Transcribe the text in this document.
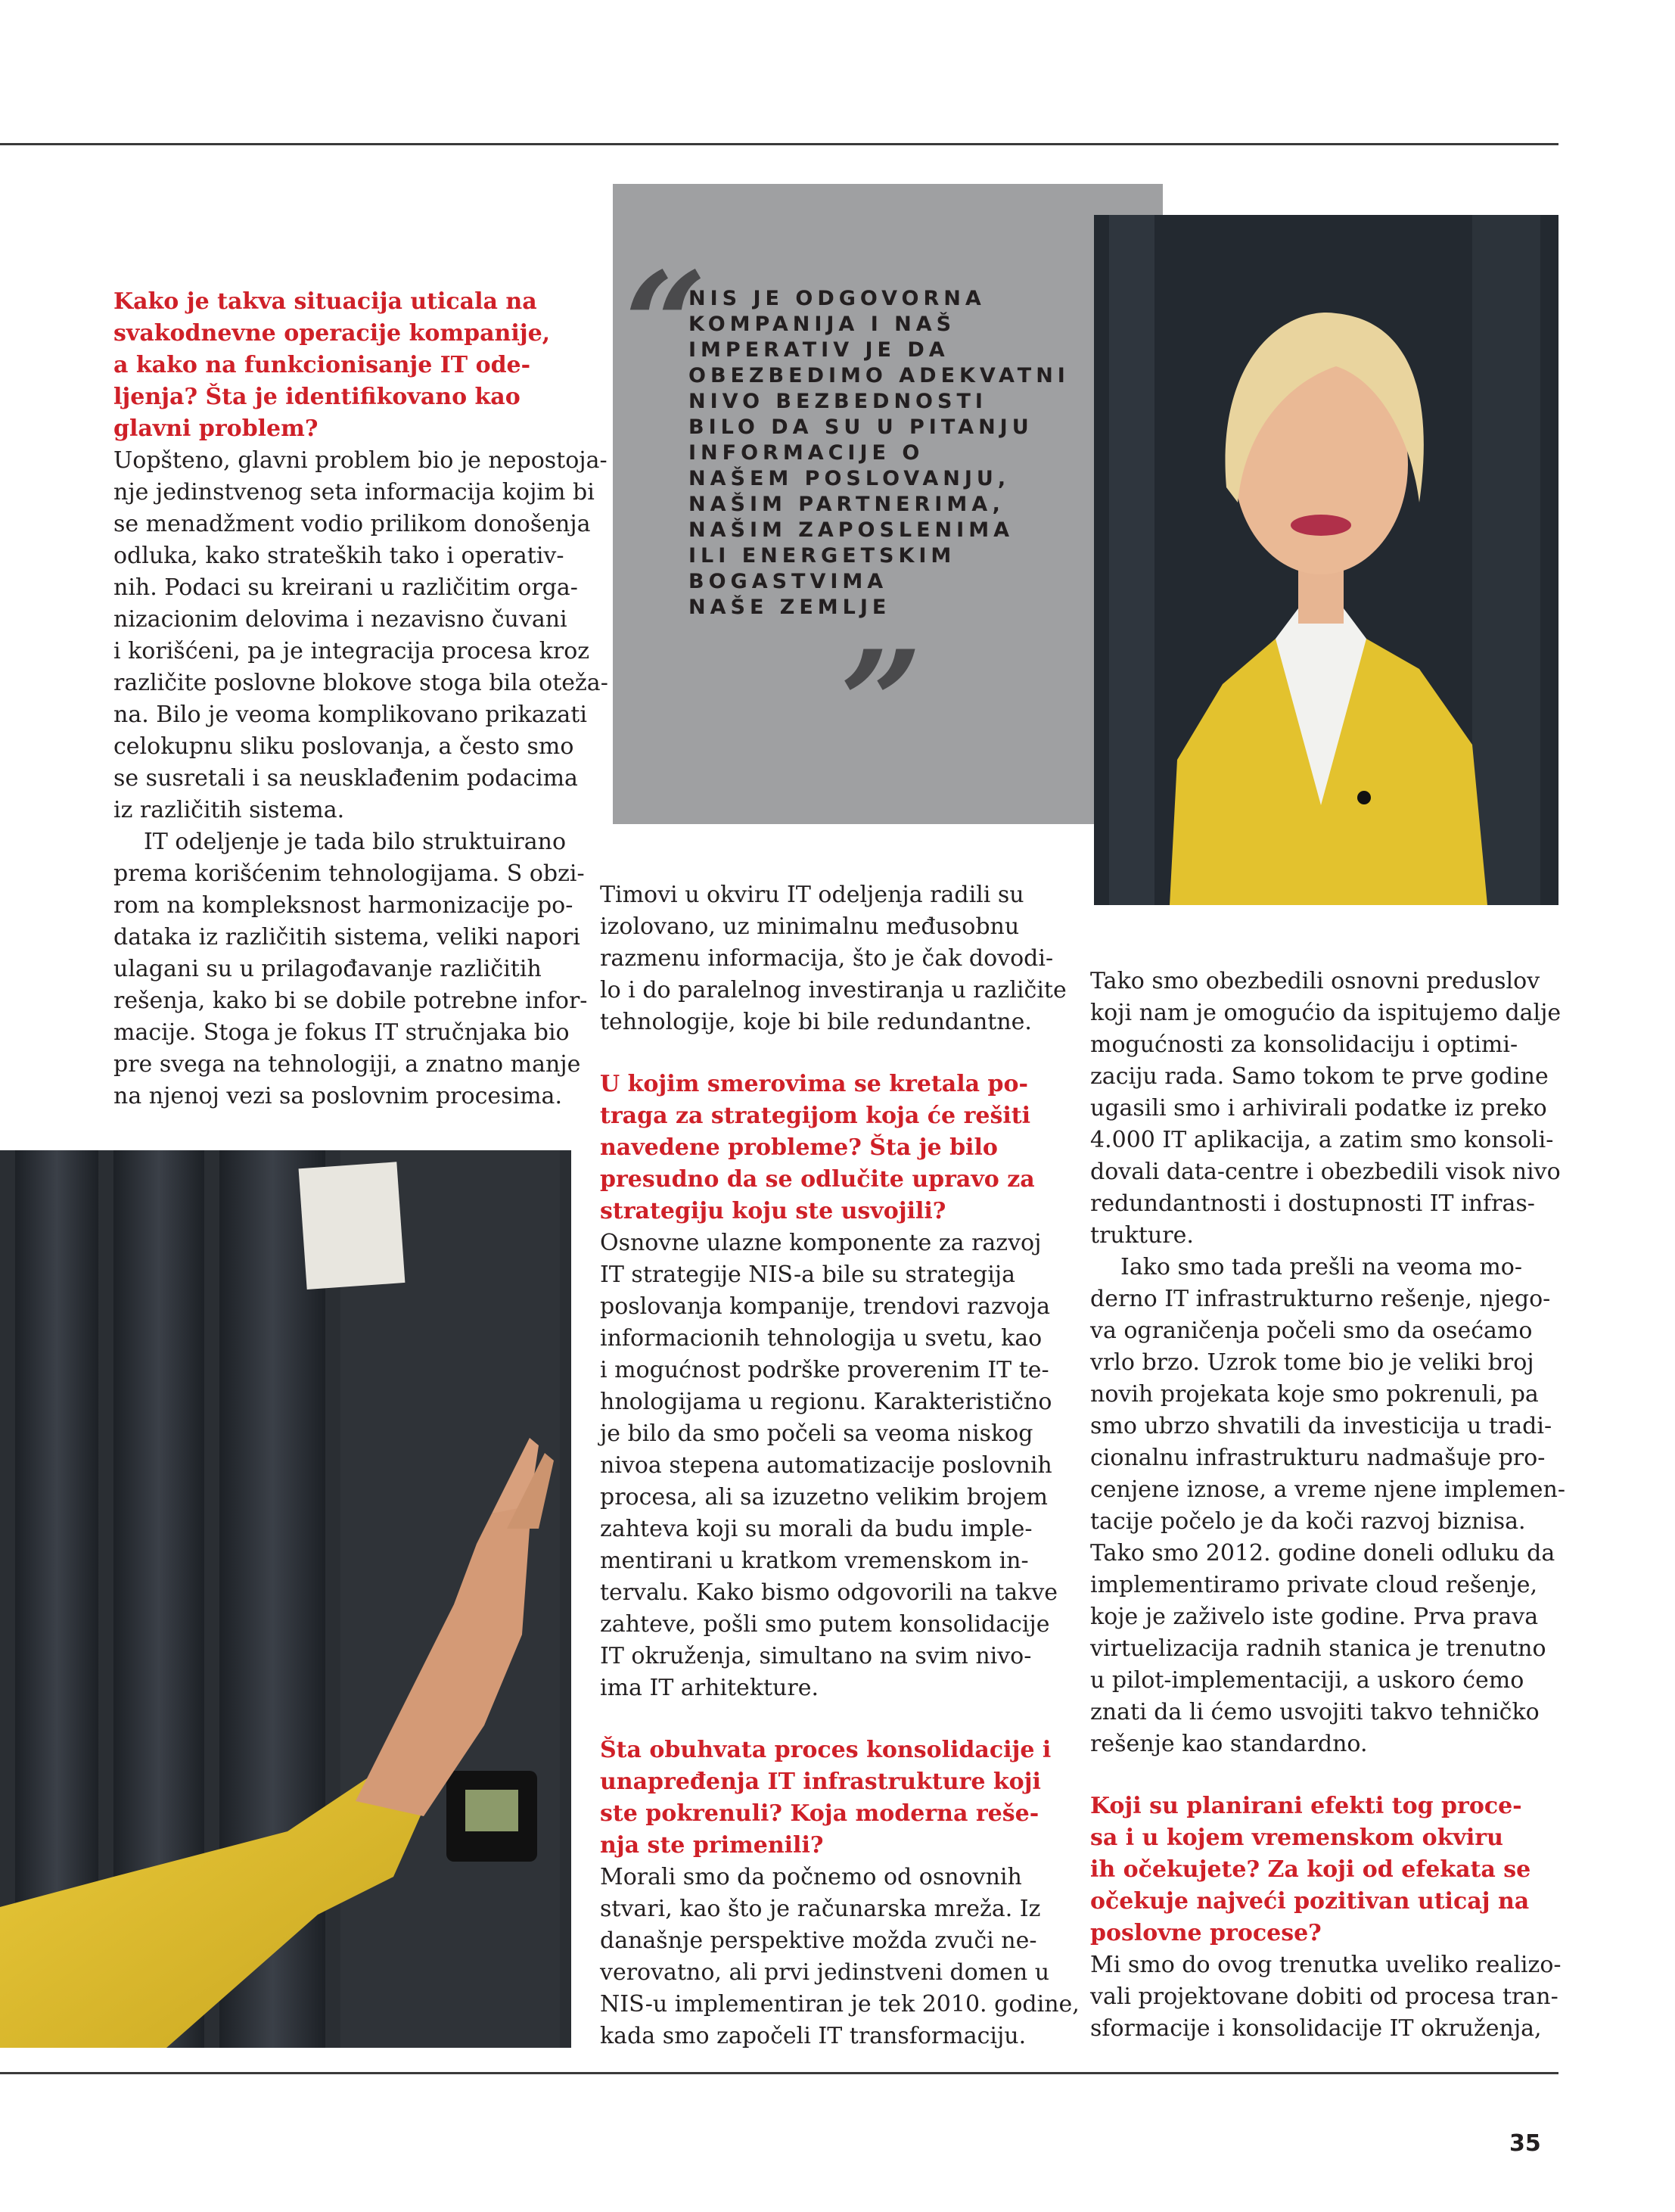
Kako je takva situacija uticala na
svakodnevne operacije kompanije,
a kako na funkcionisanje IT ode-
ljenja? Šta je identifikovano kao
glavni problem?
Uopšteno, glavni problem bio je nepostoja-
nje jedinstvenog seta informacija kojim bi
se menadžment vodio prilikom donošenja
odluka, kako strateških tako i operativ-
nih. Podaci su kreirani u različitim orga-
nizacionim delovima i nezavisno čuvani
i korišćeni, pa je integracija procesa kroz
različite poslovne blokove stoga bila oteža-
na. Bilo je veoma komplikovano prikazati
celokupnu sliku poslovanja, a često smo
se susretali i sa neusklađenim podacima
iz različitih sistema.
IT odeljenje je tada bilo struktuirano
prema korišćenim tehnologijama. S obzi-
rom na kompleksnost harmonizacije po-
dataka iz različitih sistema, veliki napori
ulagani su u prilagođavanje različitih
rešenja, kako bi se dobile potrebne infor-
macije. Stoga je fokus IT stručnjaka bio
pre svega na tehnologiji, a znatno manje
na njenoj vezi sa poslovnim procesima.
“
NIS JE ODGOVORNA
KOMPANIJA I NAŠ
IMPERATIV JE DA
OBEZBEDIMO ADEKVATNI
NIVO BEZBEDNOSTI
BILO DA SU U PITANJU
INFORMACIJE O
NAŠEM POSLOVANJU,
NAŠIM PARTNERIMA,
NAŠIM ZAPOSLENIMA
ILI ENERGETSKIM
BOGASTVIMA
NAŠE ZEMLJE
”
Timovi u okviru IT odeljenja radili su
izolovano, uz minimalnu međusobnu
razmenu informacija, što je čak dovodi-
lo i do paralelnog investiranja u različite
tehnologije, koje bi bile redundantne.
U kojim smerovima se kretala po-
traga za strategijom koja će rešiti
navedene probleme? Šta je bilo
presudno da se odlučite upravo za
strategiju koju ste usvojili?
Osnovne ulazne komponente za razvoj
IT strategije NIS-a bile su strategija
poslovanja kompanije, trendovi razvoja
informacionih tehnologija u svetu, kao
i mogućnost podrške proverenim IT te-
hnologijama u regionu. Karakteristično
je bilo da smo počeli sa veoma niskog
nivoa stepena automatizacije poslovnih
procesa, ali sa izuzetno velikim brojem
zahteva koji su morali da budu imple-
mentirani u kratkom vremenskom in-
tervalu. Kako bismo odgovorili na takve
zahteve, pošli smo putem konsolidacije
IT okruženja, simultano na svim nivo-
ima IT arhitekture.
Šta obuhvata proces konsolidacije i
unapređenja IT infrastrukture koji
ste pokrenuli? Koja moderna reše-
nja ste primenili?
Morali smo da počnemo od osnovnih
stvari, kao što je računarska mreža. Iz
današnje perspektive možda zvuči ne-
verovatno, ali prvi jedinstveni domen u
NIS-u implementiran je tek 2010. godine,
kada smo započeli IT transformaciju.
Tako smo obezbedili osnovni preduslov
koji nam je omogućio da ispitujemo dalje
mogućnosti za konsolidaciju i optimi-
zaciju rada. Samo tokom te prve godine
ugasili smo i arhivirali podatke iz preko
4.000 IT aplikacija, a zatim smo konsoli-
dovali data-centre i obezbedili visok nivo
redundantnosti i dostupnosti IT infras-
trukture.
Iako smo tada prešli na veoma mo-
derno IT infrastrukturno rešenje, njego-
va ograničenja počeli smo da osećamo
vrlo brzo. Uzrok tome bio je veliki broj
novih projekata koje smo pokrenuli, pa
smo ubrzo shvatili da investicija u tradi-
cionalnu infrastrukturu nadmašuje pro-
cenjene iznose, a vreme njene implemen-
tacije počelo je da koči razvoj biznisa.
Tako smo 2012. godine doneli odluku da
implementiramo private cloud rešenje,
koje je zaživelo iste godine. Prva prava
virtuelizacija radnih stanica je trenutno
u pilot-implementaciji, a uskoro ćemo
znati da li ćemo usvojiti takvo tehničko
rešenje kao standardno.
Koji su planirani efekti tog proce-
sa i u kojem vremenskom okviru
ih očekujete? Za koji od efekata se
očekuje najveći pozitivan uticaj na
poslovne procese?
Mi smo do ovog trenutka uveliko realizo-
vali projektovane dobiti od procesa tran-
sformacije i konsolidacije IT okruženja,
35
